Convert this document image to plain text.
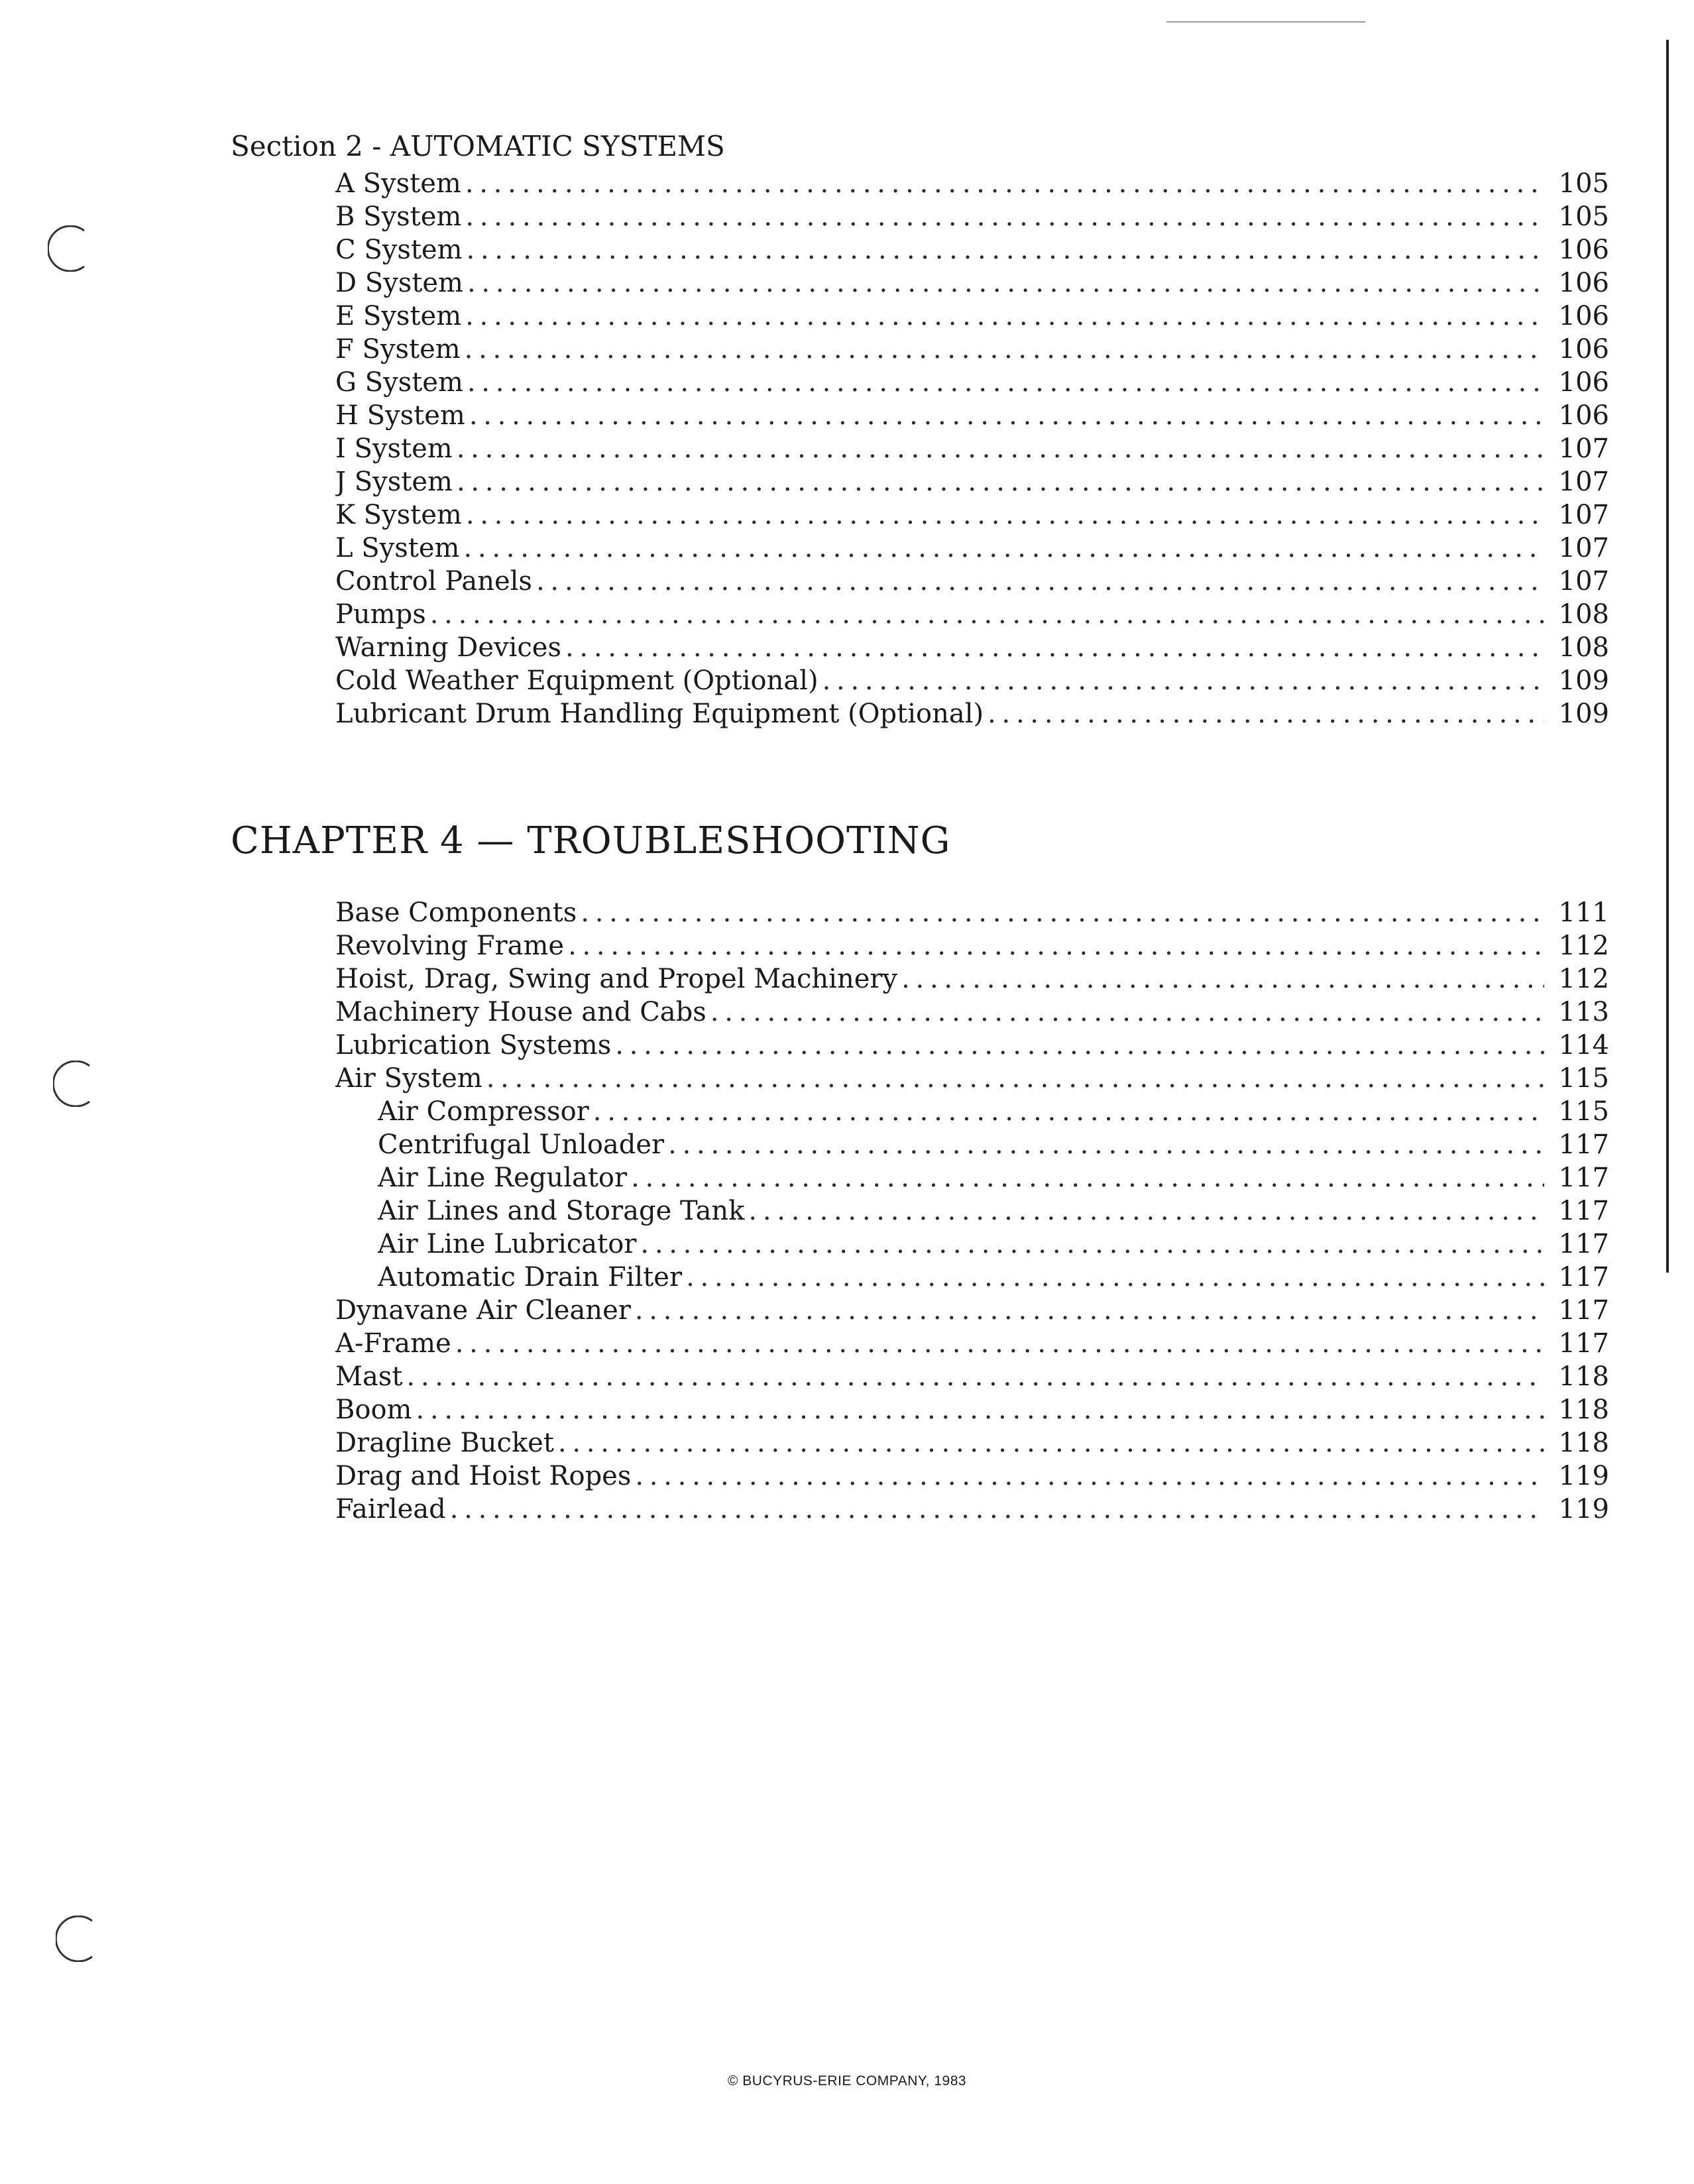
Section 2 - AUTOMATIC SYSTEMS
A System . . .	105
B System . . .	105
C System . . .	106
D System . . .	106
E System . . .	106
F System . . .	106
G System . . .	106
H System . . .	106
I System . . .	107
J System . . .	107
K System . . .	107
L System . . .	107
Control Panels . . .	107
Pumps . . .	108
Warning Devices . . .	108
Cold Weather Equipment (Optional) . . .	109
Lubricant Drum Handling Equipment (Optional) . . .	109
CHAPTER 4 — TROUBLESHOOTING
Base Components . . .	111
Revolving Frame . . .	112
Hoist, Drag, Swing and Propel Machinery . . .	112
Machinery House and Cabs . . .	113
Lubrication Systems . . .	114
Air System . . .	115
Air Compressor . . .	115
Centrifugal Unloader . . .	117
Air Line Regulator . . .	117
Air Lines and Storage Tank . . .	117
Air Line Lubricator . . .	117
Automatic Drain Filter . . .	117
Dynavane Air Cleaner . . .	117
A-Frame . . .	117
Mast . . .	118
Boom . . .	118
Dragline Bucket . . .	118
Drag and Hoist Ropes . . .	119
Fairlead . . .	119
© BUCYRUS-ERIE COMPANY, 1983
